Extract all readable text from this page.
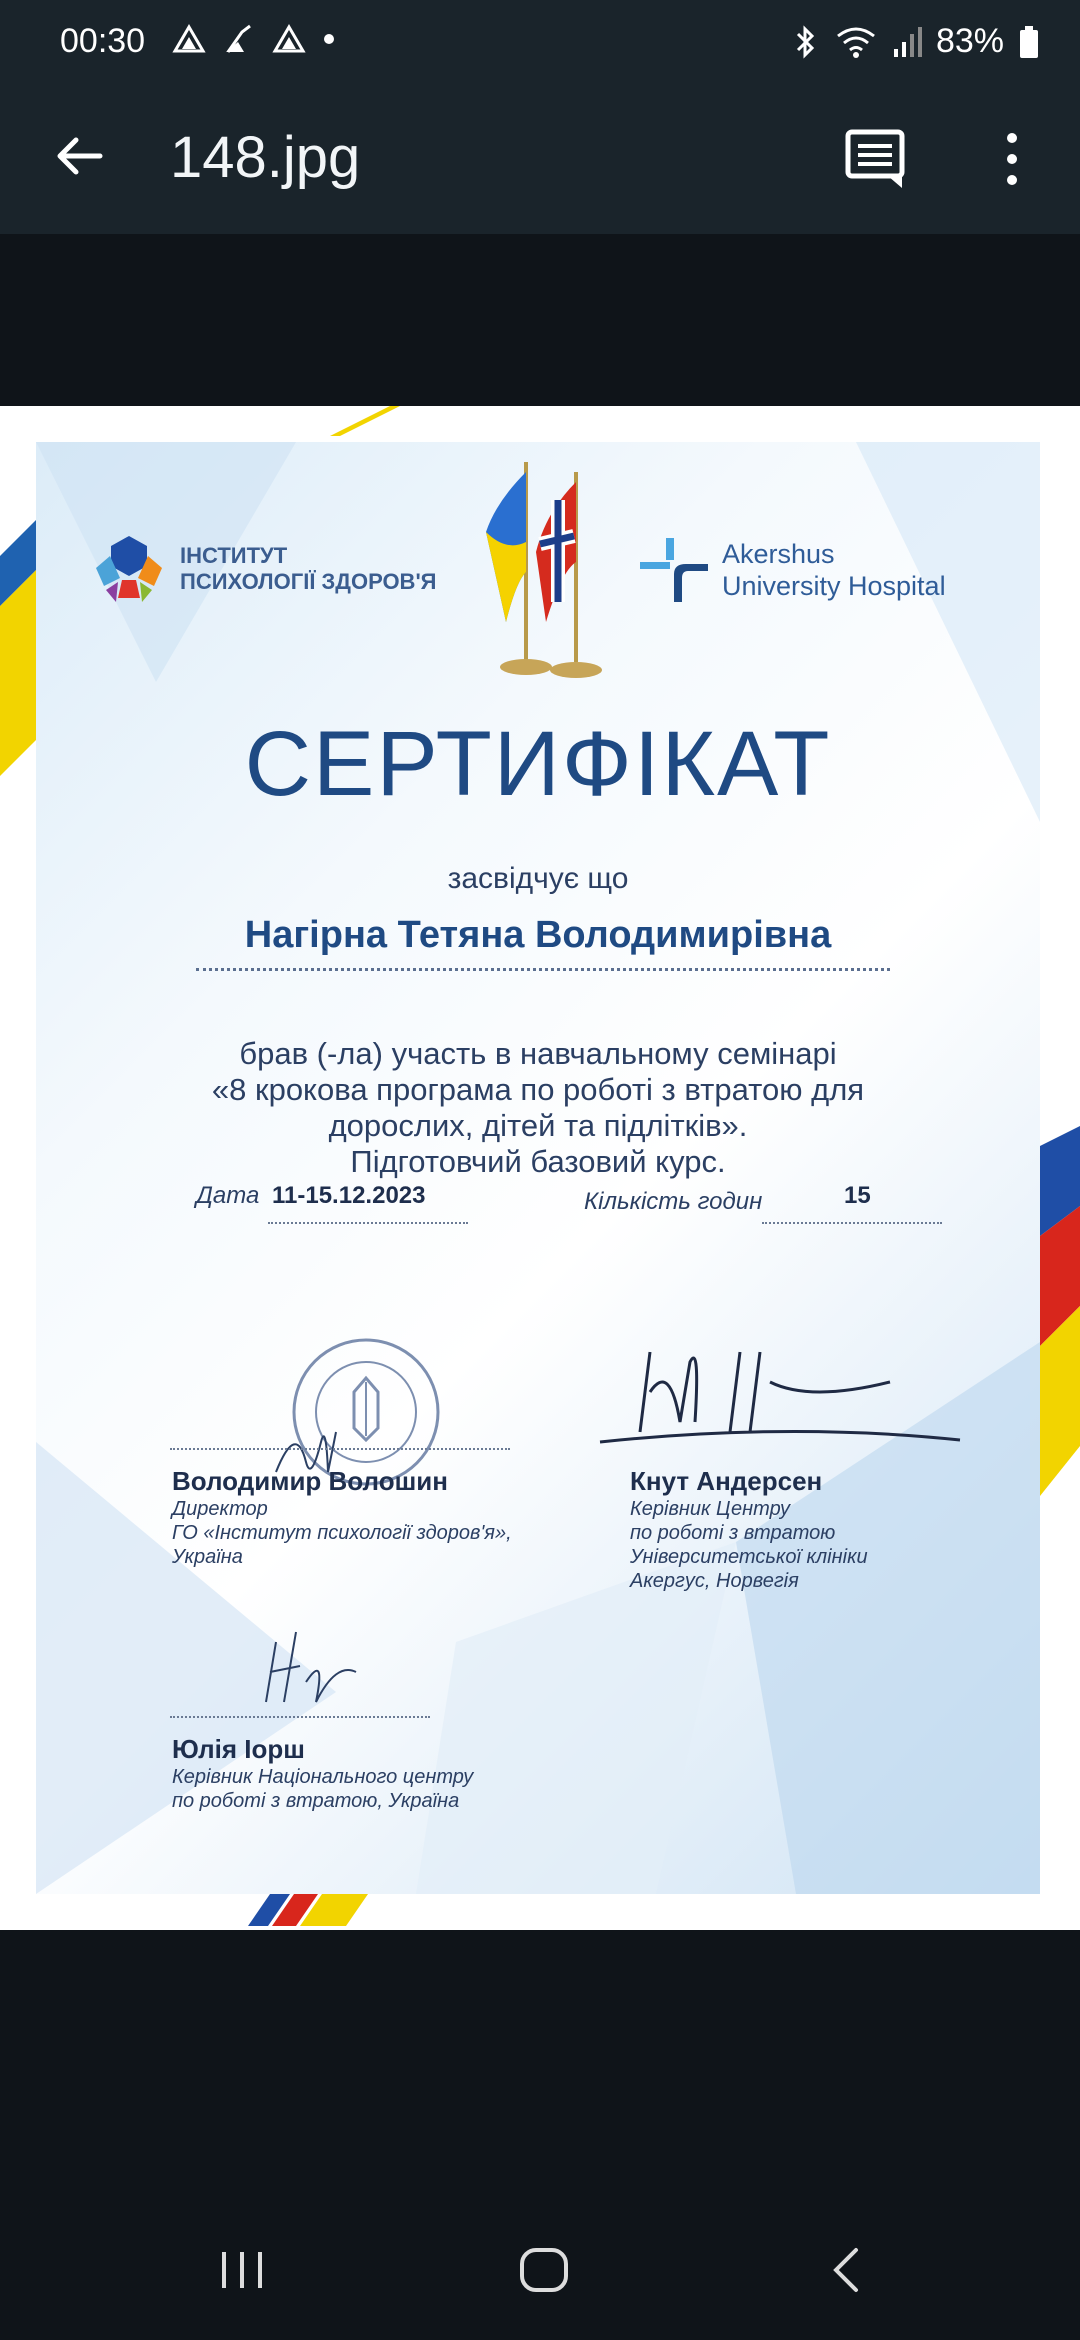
00:30	83%
148.jpg
ІНСТИТУТ
ПСИХОЛОГІЇ ЗДОРОВ'Я
Akershus
University Hospital
СЕРТИФІКАТ
засвідчує що
Нагірна Тетяна Володимирівна
брав (-ла) участь в навчальному семінарі
«8 крокова програма по роботі з втратою для
дорослих, дітей та підлітків».
Підготовчий базовий курс.
Дата 11-15.12.2023	Кількість годин	15
Володимир Волошин
Директор
ГО «Інститут психології здоров'я»,
Україна
Кнут Андерсен
Керівник Центру
по роботі з втратою
Університетської клініки
Акергус, Норвегія
Юлія Іорш
Керівник Національного центру
по роботі з втратою, Україна
